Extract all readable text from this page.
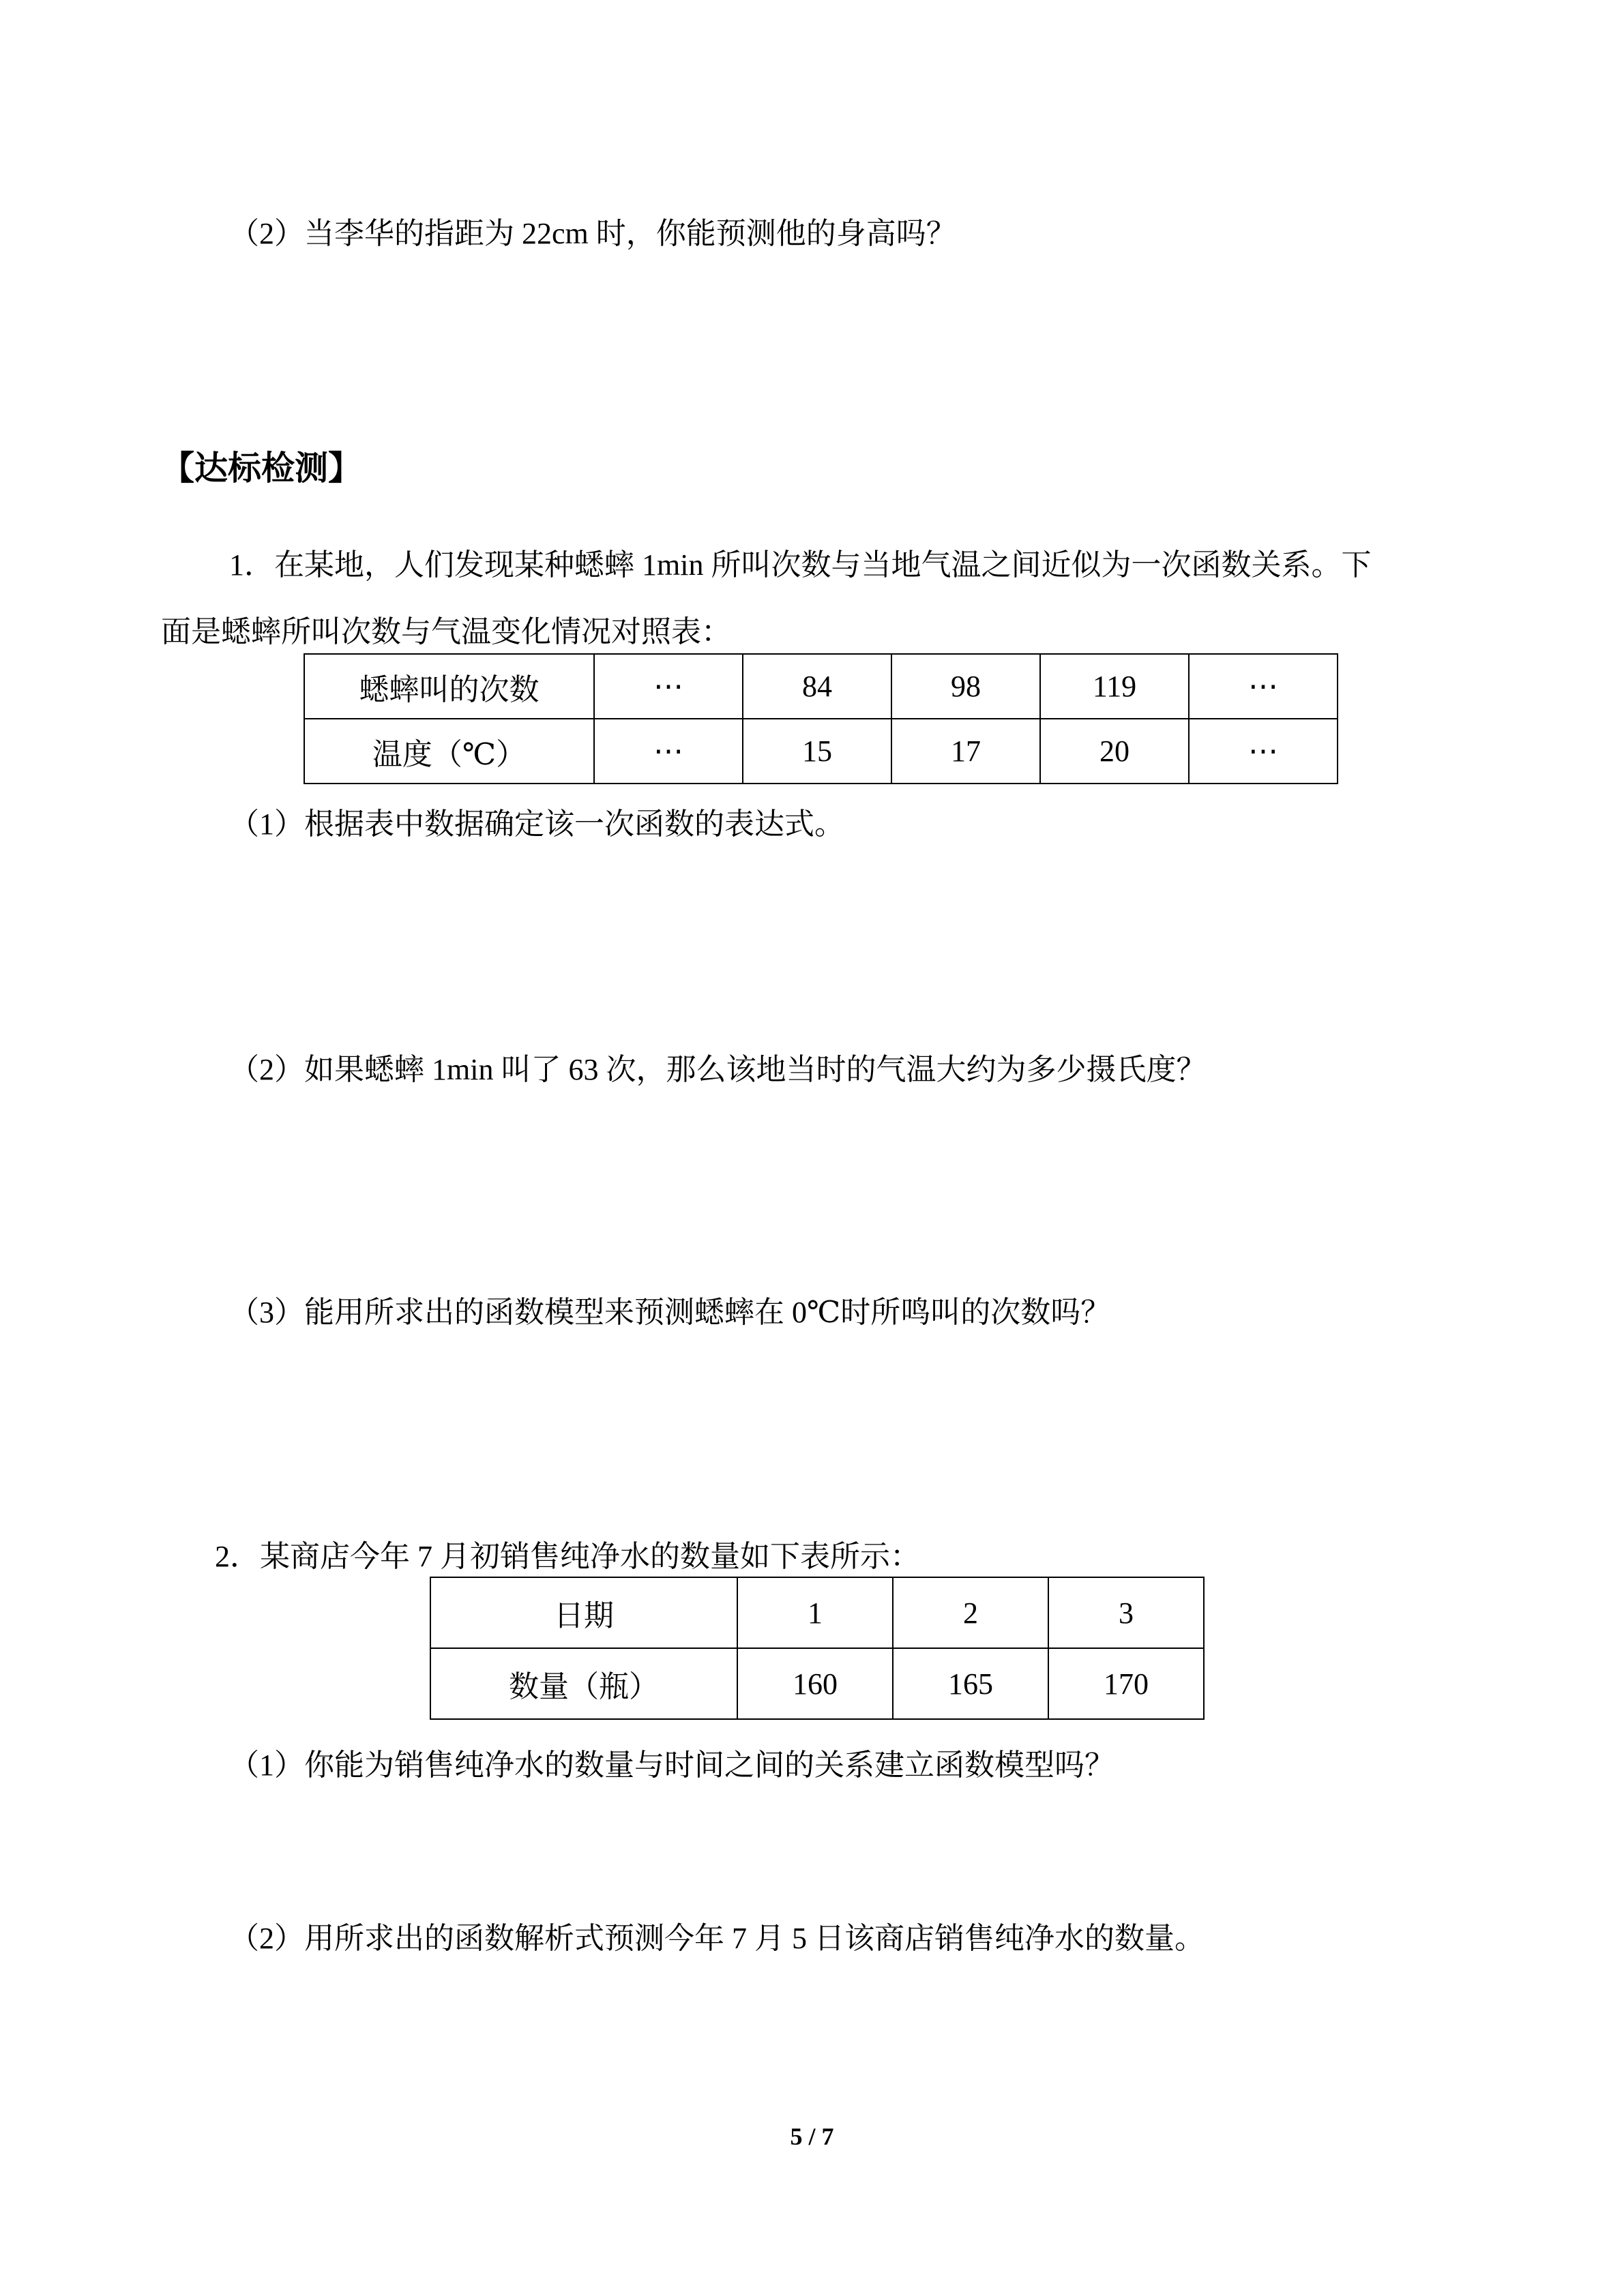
（2）当李华的指距为 22cm 时，你能预测他的身高吗？
【达标检测】
1．在某地，人们发现某种蟋蟀 1min 所叫次数与当地气温之间近似为一次函数关系。下
面是蟋蟀所叫次数与气温变化情况对照表：
蟋蟀叫的次数	⋯	84	98	119	⋯
温度（℃）	⋯	15	17	20	⋯
（1）根据表中数据确定该一次函数的表达式。
（2）如果蟋蟀 1min 叫了 63 次，那么该地当时的气温大约为多少摄氏度？
（3）能用所求出的函数模型来预测蟋蟀在 0℃时所鸣叫的次数吗？
2．某商店今年 7 月初销售纯净水的数量如下表所示：
日期	1	2	3
数量（瓶）	160	165	170
（1）你能为销售纯净水的数量与时间之间的关系建立函数模型吗？
（2）用所求出的函数解析式预测今年 7 月 5 日该商店销售纯净水的数量。
5 / 7
